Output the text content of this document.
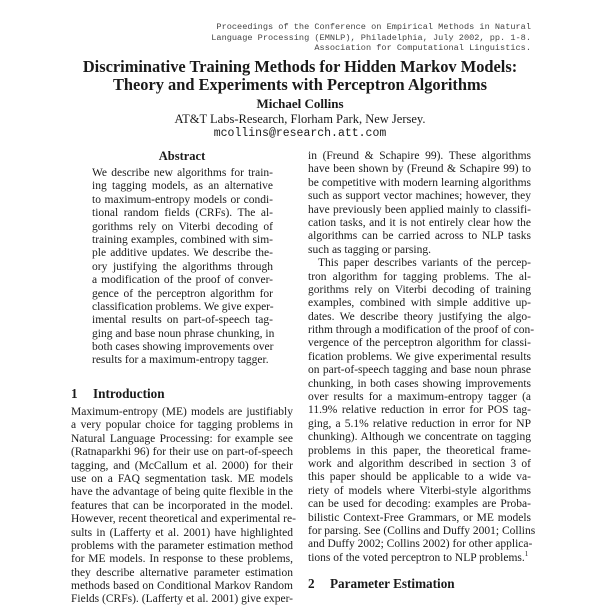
Proceedings of the Conference on Empirical Methods in Natural
Language Processing (EMNLP), Philadelphia, July 2002, pp. 1-8.
Association for Computational Linguistics.
Discriminative Training Methods for Hidden Markov Models:
Theory and Experiments with Perceptron Algorithms
Michael Collins
AT&T Labs-Research, Florham Park, New Jersey.
mcollins@research.att.com
Abstract
We describe new algorithms for train-
ing tagging models, as an alternative
to maximum-entropy models or condi-
tional random fields (CRFs). The al-
gorithms rely on Viterbi decoding of
training examples, combined with sim-
ple additive updates. We describe the-
ory justifying the algorithms through
a modification of the proof of conver-
gence of the perceptron algorithm for
classification problems. We give exper-
imental results on part-of-speech tag-
ging and base noun phrase chunking, in
both cases showing improvements over
results for a maximum-entropy tagger.
1 Introduction
Maximum-entropy (ME) models are justifiably
a very popular choice for tagging problems in
Natural Language Processing: for example see
(Ratnaparkhi 96) for their use on part-of-speech
tagging, and (McCallum et al. 2000) for their
use on a FAQ segmentation task. ME models
have the advantage of being quite flexible in the
features that can be incorporated in the model.
However, recent theoretical and experimental re-
sults in (Lafferty et al. 2001) have highlighted
problems with the parameter estimation method
for ME models. In response to these problems,
they describe alternative parameter estimation
methods based on Conditional Markov Random
Fields (CRFs). (Lafferty et al. 2001) give exper-
in (Freund & Schapire 99). These algorithms
have been shown by (Freund & Schapire 99) to
be competitive with modern learning algorithms
such as support vector machines; however, they
have previously been applied mainly to classifi-
cation tasks, and it is not entirely clear how the
algorithms can be carried across to NLP tasks
such as tagging or parsing.
This paper describes variants of the percep-
tron algorithm for tagging problems. The al-
gorithms rely on Viterbi decoding of training
examples, combined with simple additive up-
dates. We describe theory justifying the algo-
rithm through a modification of the proof of con-
vergence of the perceptron algorithm for classi-
fication problems. We give experimental results
on part-of-speech tagging and base noun phrase
chunking, in both cases showing improvements
over results for a maximum-entropy tagger (a
11.9% relative reduction in error for POS tag-
ging, a 5.1% relative reduction in error for NP
chunking). Although we concentrate on tagging
problems in this paper, the theoretical frame-
work and algorithm described in section 3 of
this paper should be applicable to a wide va-
riety of models where Viterbi-style algorithms
can be used for decoding: examples are Proba-
bilistic Context-Free Grammars, or ME models
for parsing. See (Collins and Duffy 2001; Collins
and Duffy 2002; Collins 2002) for other applica-
tions of the voted perceptron to NLP problems.$^1$
2 Parameter Estimation
